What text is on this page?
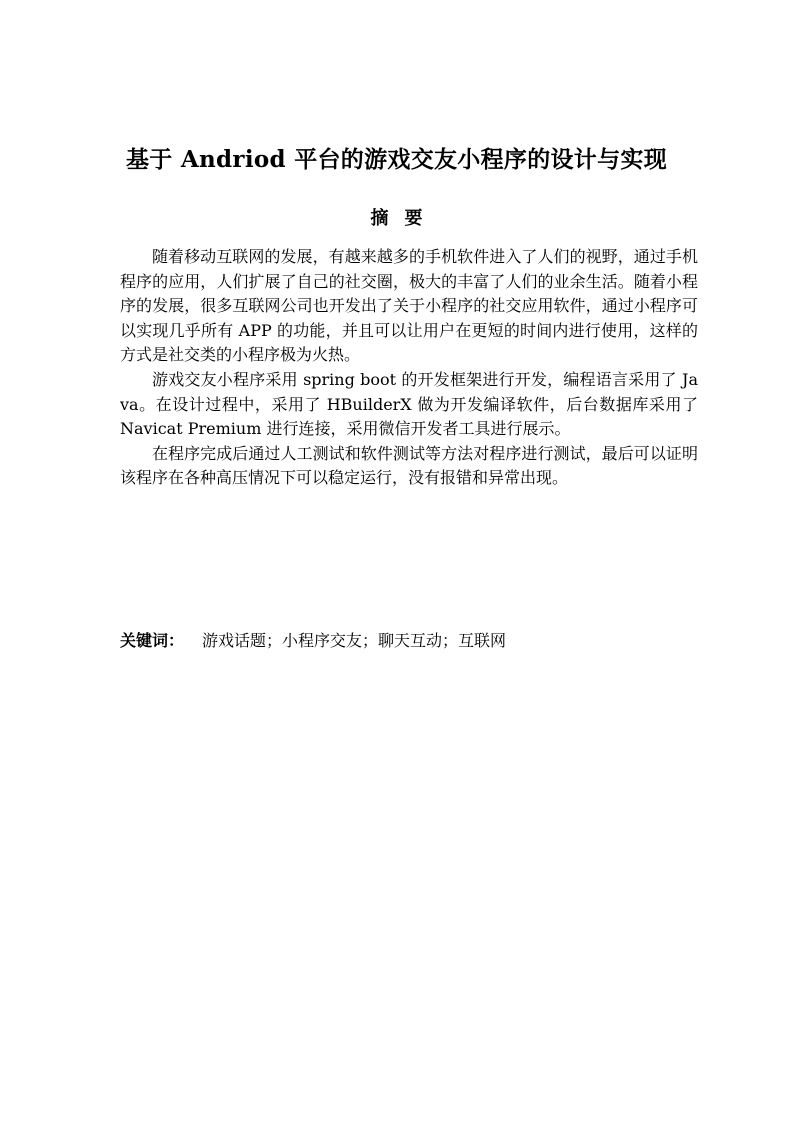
基于 Andriod 平台的游戏交友小程序的设计与实现
摘要

随着移动互联网的发展，有越来越多的手机软件进入了人们的视野，通过手机程序的应用，人们扩展了自己的社交圈，极大的丰富了人们的业余生活。随着小程序的发展，很多互联网公司也开发出了关于小程序的社交应用软件，通过小程序可以实现几乎所有 APP 的功能，并且可以让用户在更短的时间内进行使用，这样的方式是社交类的小程序极为火热。

游戏交友小程序采用 spring boot 的开发框架进行开发，编程语言采用了 Java。在设计过程中，采用了 HBuilderX 做为开发编译软件，后台数据库采用了 Navicat Premium 进行连接，采用微信开发者工具进行展示。

在程序完成后通过人工测试和软件测试等方法对程序进行测试，最后可以证明该程序在各种高压情况下可以稳定运行，没有报错和异常出现。

关键词： 游戏话题；小程序交友；聊天互动；互联网
